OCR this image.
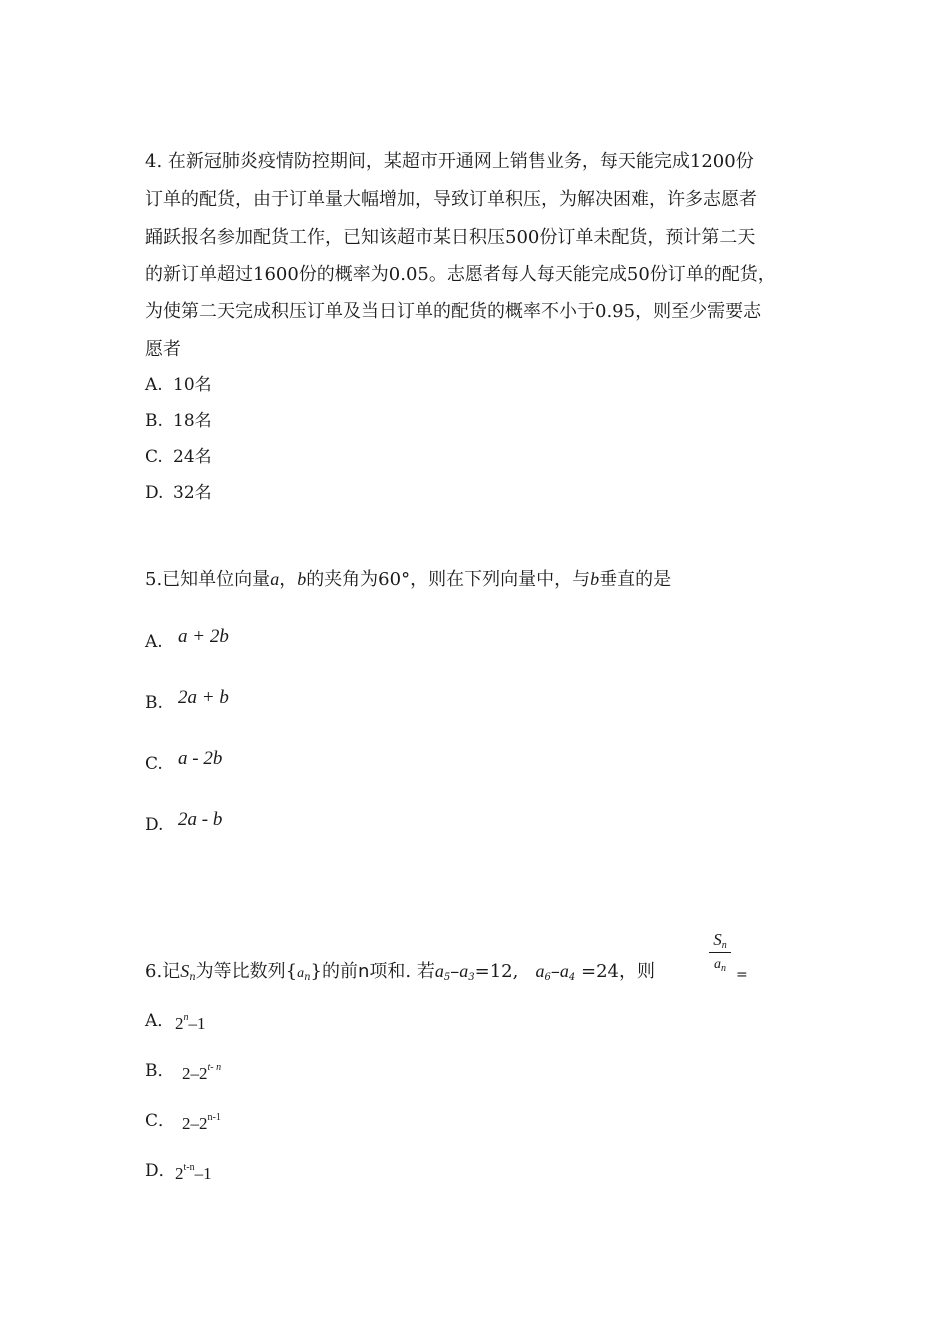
4. 在新冠肺炎疫情防控期间，某超市开通网上销售业务，每天能完成1200份
订单的配货，由于订单量大幅增加，导致订单积压，为解决困难，许多志愿者
踊跃报名参加配货工作，已知该超市某日积压500份订单未配货，预计第二天
的新订单超过1600份的概率为0.05。志愿者每人每天能完成50份订单的配货，
为使第二天完成积压订单及当日订单的配货的概率不小于0.95，则至少需要志
愿者
A. 10名
B. 18名
C. 24名
D. 32名
5.已知单位向量a，b的夹角为60°，则在下列向量中，与b垂直的是
A. a + 2b
B. 2a + b
C. a - 2b
D. 2a - b
6.记$S_n$为等比数列$\{a_n\}$的前n项和. 若$a_5-a_3=12$, $a_6-a_4 =24$，则
$S_n$
$a_n$ =
A． 2$^n$–1
B． 2–2$^{t- n}$
C． 2–2$^{n-1}$
D． 2$^{t-n}$–1
